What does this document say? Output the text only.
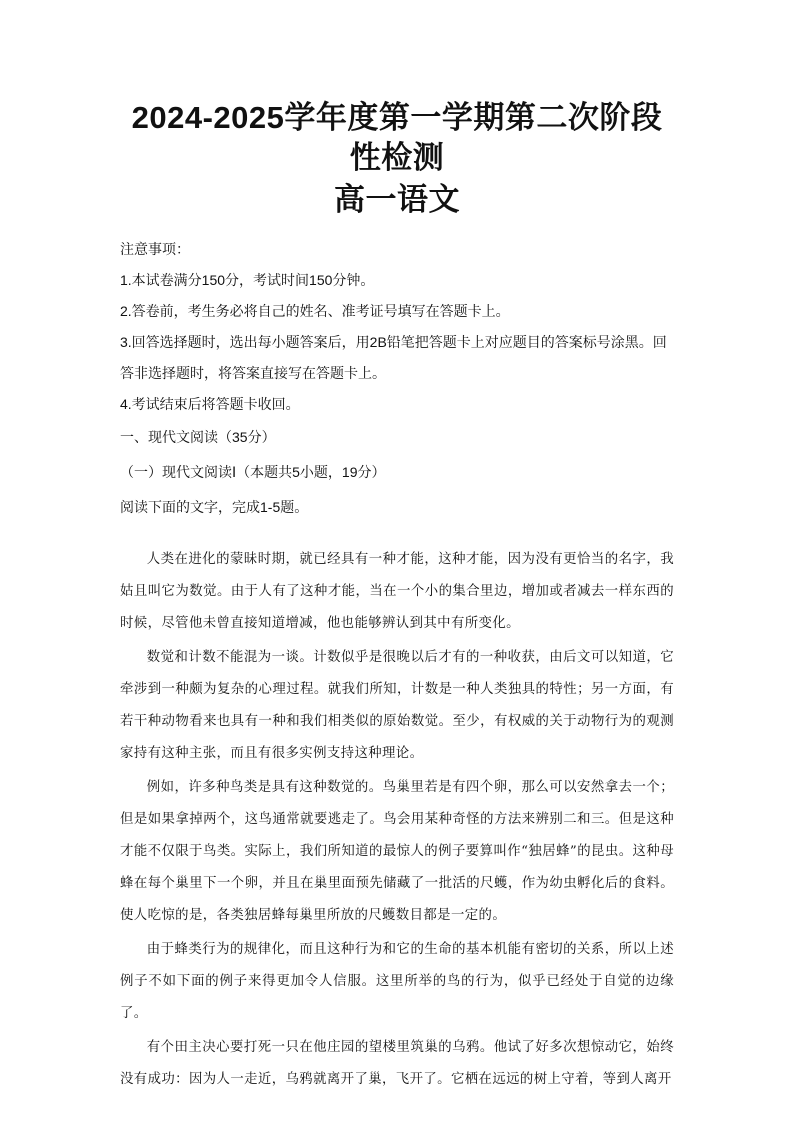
2024-2025学年度第一学期第二次阶段性检测
高一语文

注意事项：

1.本试卷满分150分，考试时间150分钟。

2.答卷前，考生务必将自己的姓名、准考证号填写在答题卡上。

3.回答选择题时，选出每小题答案后，用2B铅笔把答题卡上对应题目的答案标号涂黑。回答非选择题时，将答案直接写在答题卡上。

4.考试结束后将答题卡收回。

一、现代文阅读（35分）

（一）现代文阅读Ⅰ（本题共5小题，19分）

阅读下面的文字，完成1-5题。

人类在进化的蒙昧时期，就已经具有一种才能，这种才能，因为没有更恰当的名字，我姑且叫它为数觉。由于人有了这种才能，当在一个小的集合里边，增加或者减去一样东西的时候，尽管他未曾直接知道增减，他也能够辨认到其中有所变化。

数觉和计数不能混为一谈。计数似乎是很晚以后才有的一种收获，由后文可以知道，它牵涉到一种颇为复杂的心理过程。就我们所知，计数是一种人类独具的特性；另一方面，有若干种动物看来也具有一种和我们相类似的原始数觉。至少，有权威的关于动物行为的观测家持有这种主张，而且有很多实例支持这种理论。

例如，许多种鸟类是具有这种数觉的。鸟巢里若是有四个卵，那么可以安然拿去一个；但是如果拿掉两个，这鸟通常就要逃走了。鸟会用某种奇怪的方法来辨别二和三。但是这种才能不仅限于鸟类。实际上，我们所知道的最惊人的例子要算叫作“独居蜂”的昆虫。这种母蜂在每个巢里下一个卵，并且在巢里面预先储藏了一批活的尺蠖，作为幼虫孵化后的食料。使人吃惊的是，各类独居蜂每巢里所放的尺蠖数目都是一定的。

由于蜂类行为的规律化，而且这种行为和它的生命的基本机能有密切的关系，所以上述例子不如下面的例子来得更加令人信服。这里所举的鸟的行为，似乎已经处于自觉的边缘了。

有个田主决心要打死一只在他庄园的望楼里筑巢的乌鸦。他试了好多次想惊动它，始终没有成功：因为人一走近，乌鸦就离开了巢，飞开了。它栖在远远的树上守着，等到人离开
